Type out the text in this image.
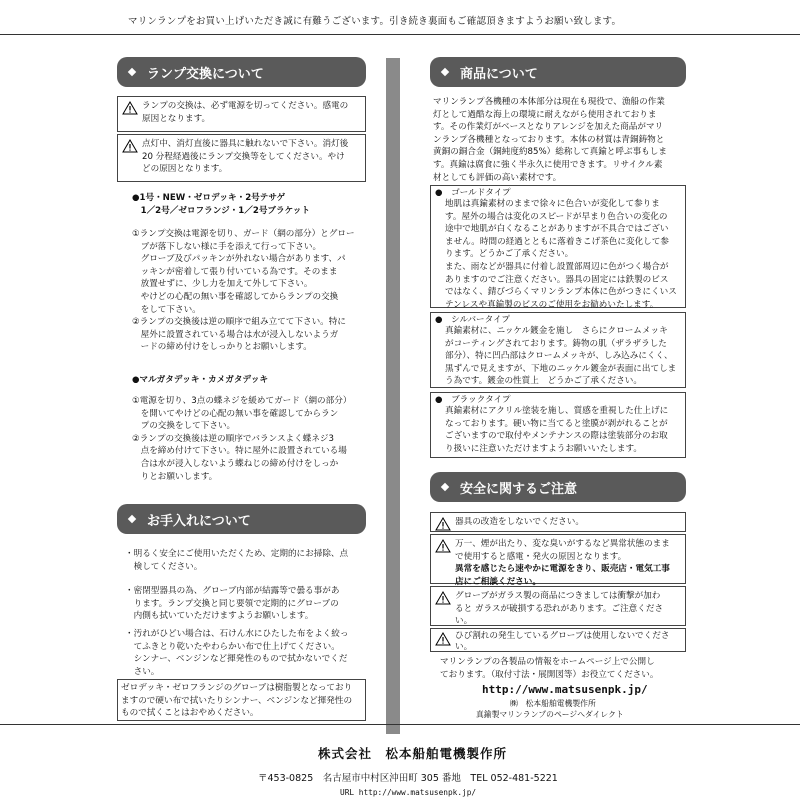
マリンランプをお買い上げいただき誠に有難うございます。引き続き裏面もご確認頂きますようお願い致します。
ランプ交換について
ランプの交換は、必ず電源を切ってください。感電の
原因となります。
点灯中、消灯直後に器具に触れないで下さい。消灯後
20 分程経過後にランプ交換等をしてください。やけ
どの原因となります。
●1号・NEW・ゼロデッキ・2号テサゲ
　1／2号／ゼロフランジ・1／2号ブラケット
①ランプ交換は電源を切り、ガード（網の部分）とグロー
　ブが落下しない様に手を添えて行って下さい。
　グローブ及びパッキンが外れない場合があります、パ
　ッキンが密着して張り付いている為です。そのまま
　放置せずに、少し力を加えて外して下さい。
　やけどの心配の無い事を確認してからランプの交換
　をして下さい。
②ランプの交換後は逆の順序で組み立てて下さい。特に
　屋外に設置されている場合は水が浸入しないようガ
　ードの締め付けをしっかりとお願いします。
●マルガタデッキ・カメガタデッキ
①電源を切り、3点の蝶ネジを緩めてガード（網の部分）
　を開いてやけどの心配の無い事を確認してからラン
　プの交換をして下さい。
②ランプの交換後は逆の順序でバランスよく蝶ネジ3
　点を締め付けて下さい。特に屋外に設置されている場
　合は水が浸入しないよう蝶ねじの締め付けをしっか
　りとお願いします。
お手入れについて
・明るく安全にご使用いただくため、定期的にお掃除、点
　検してください。
・密閉型器具の為、グローブ内部が結露等で曇る事があ
　ります。ランプ交換と同じ要領で定期的にグローブの
　内側も拭いていただけますようお願いします。
・汚れがひどい場合は、石けん水にひたした布をよく絞っ
　てふきとり乾いたやわらかい布で仕上げてください。
　シンナー、ベンジンなど揮発性のもので拭かないでくだ
　さい。
ゼロデッキ・ゼロフランジのグローブは樹脂製となっており
ますので硬い布で拭いたりシンナー、ベンジンなど揮発性の
もので拭くことはおやめください。
商品について
マリンランプ各機種の本体部分は現在も現役で、漁船の作業
灯として過酷な海上の環境に耐えながら使用されておりま
す。その作業灯がベースとなりアレンジを加えた商品がマリ
ンランプ各機種となっております。本体の材質は青銅鋳物と
黄銅の銅合金（銅純度約85%）総称して真鍮と呼ぶ事もしま
す。真鍮は腐食に強く半永久に使用できます。リサイクル素
材としても評価の高い素材です。
●　ゴールドタイプ
地肌は真鍮素材のままで徐々に色合いが変化して参りま
す。屋外の場合は変化のスピードが早まり色合いの変化の
途中で地肌が白くなることがありますが不具合ではござい
ません。時間の経過とともに落着きこげ茶色に変化して参
ります。どうかご了承ください。
また、雨などが器具に付着し設置部周辺に色がつく場合が
ありますのでご注意ください。器具の固定には鉄製のビス
ではなく、錆びづらくマリンランプ本体に色がつきにくいス
テンレスや真鍮製のビスのご使用をお勧めいたします。
●　シルバータイプ
真鍮素材に、ニッケル鍍金を施し　さらにクロームメッキ
がコーティングされております。鋳物の肌（ザラザラした
部分）、特に凹凸部はクロームメッキが、しみ込みにくく、
黒ずんで見えますが、下地のニッケル鍍金が表面に出てしま
う為です。鍍金の性質上　どうかご了承ください。
●　ブラックタイプ
真鍮素材にアクリル塗装を施し、質感を重視した仕上げに
なっております。硬い物に当てると塗膜が剥がれることが
ございますので取付やメンテナンスの際は塗装部分のお取
り扱いに注意いただけますようお願いいたします。
安全に関するご注意
器具の改造をしないでください。
万一、煙が出たり、変な臭いがするなど異常状態のまま
で使用すると感電・発火の原因となります。
異常を感じたら速やかに電源をきり、販売店・電気工事
店にご相談ください。
グローブがガラス製の商品につきましては衝撃が加わ
ると ガラスが破損する恐れがあります。ご注意くださ
い。
ひび割れの発生しているグローブは使用しないでくださ
い。
マリンランプの各製品の情報をホームページ上で公開し
ております。（取付寸法・展開図等）お役立てください。
http://www.matsusenpk.jp/
㈱　松本船舶電機製作所
真鍮製マリンランプのページへダイレクト
株式会社　松本船舶電機製作所
〒453-0825　名古屋市中村区沖田町 305 番地　TEL 052-481-5221
URL http://www.matsusenpk.jp/
